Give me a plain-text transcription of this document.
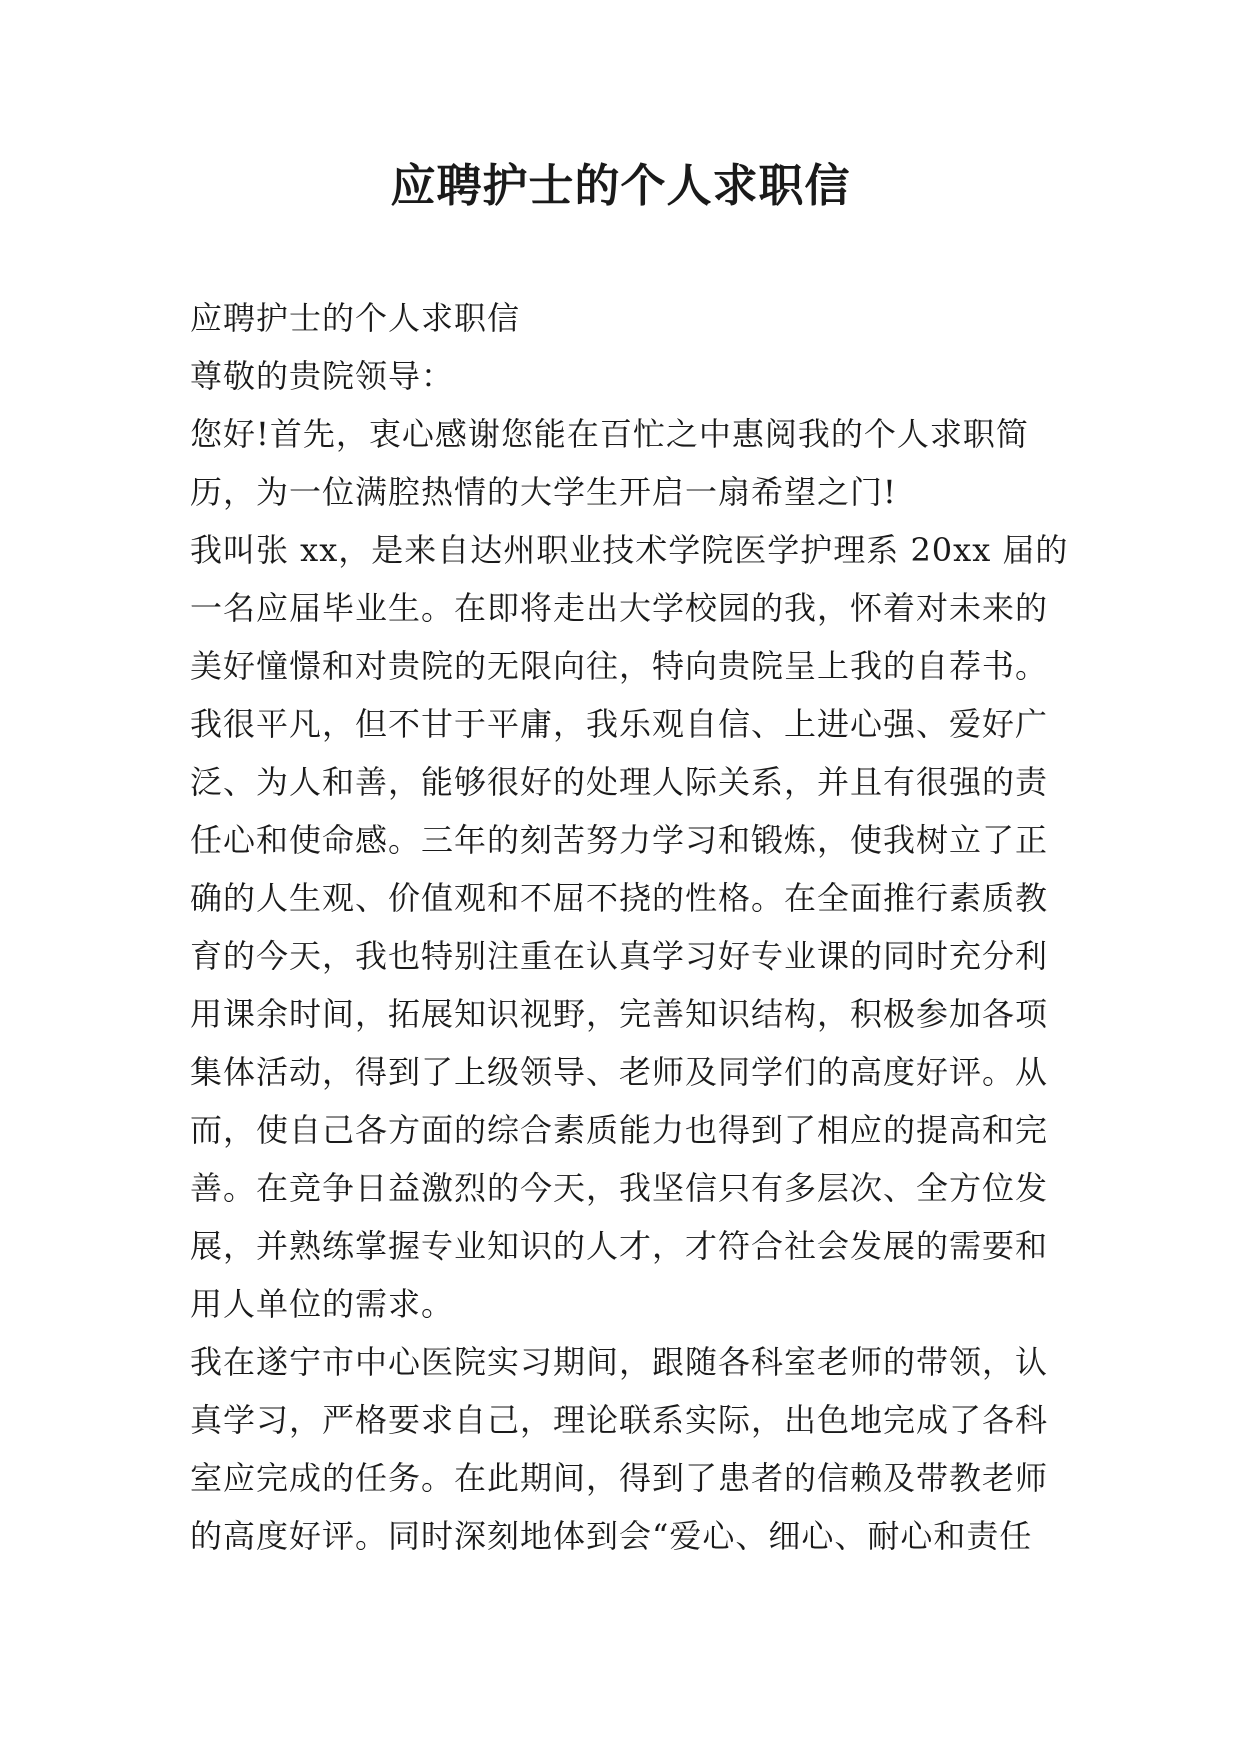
应聘护士的个人求职信
应聘护士的个人求职信
尊敬的贵院领导：
您好!首先，衷心感谢您能在百忙之中惠阅我的个人求职简
历，为一位满腔热情的大学生开启一扇希望之门!
我叫张 xx，是来自达州职业技术学院医学护理系 20xx 届的
一名应届毕业生。在即将走出大学校园的我，怀着对未来的
美好憧憬和对贵院的无限向往，特向贵院呈上我的自荐书。
我很平凡，但不甘于平庸，我乐观自信、上进心强、爱好广
泛、为人和善，能够很好的处理人际关系，并且有很强的责
任心和使命感。三年的刻苦努力学习和锻炼，使我树立了正
确的人生观、价值观和不屈不挠的性格。在全面推行素质教
育的今天，我也特别注重在认真学习好专业课的同时充分利
用课余时间，拓展知识视野，完善知识结构，积极参加各项
集体活动，得到了上级领导、老师及同学们的高度好评。从
而，使自己各方面的综合素质能力也得到了相应的提高和完
善。在竞争日益激烈的今天，我坚信只有多层次、全方位发
展，并熟练掌握专业知识的人才，才符合社会发展的需要和
用人单位的需求。
我在遂宁市中心医院实习期间，跟随各科室老师的带领，认
真学习，严格要求自己，理论联系实际，出色地完成了各科
室应完成的任务。在此期间，得到了患者的信赖及带教老师
的高度好评。同时深刻地体到会“爱心、细心、耐心和责任
